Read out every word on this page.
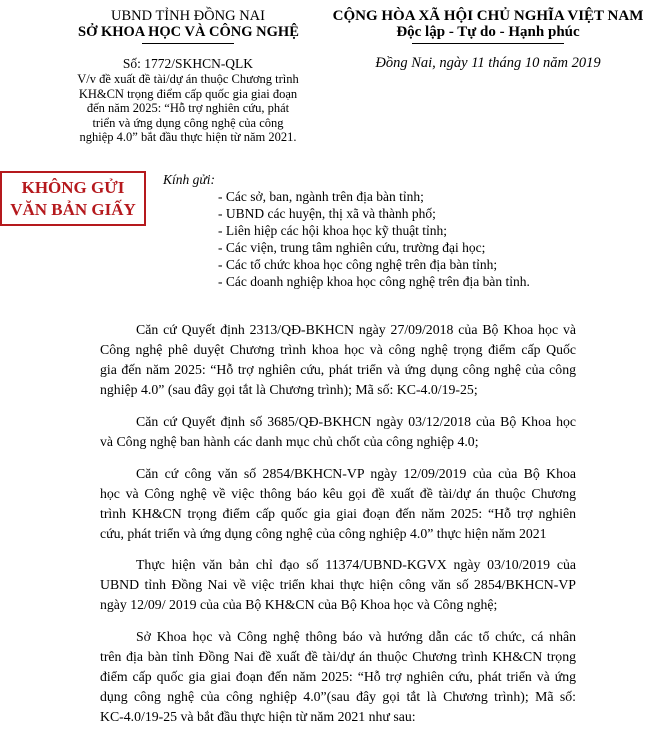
UBND TỈNH ĐỒNG NAI
SỞ KHOA HỌC VÀ CÔNG NGHỆ
CỘNG HÒA XÃ HỘI CHỦ NGHĨA VIỆT NAM
Độc lập - Tự do - Hạnh phúc
Đồng Nai, ngày 11 tháng 10 năm 2019
Số: 1772/SKHCN-QLK
V/v đề xuất đề tài/dự án thuộc Chương trình
KH&CN trọng điểm cấp quốc gia giai đoạn
đến năm 2025: “Hỗ trợ nghiên cứu, phát
triển và ứng dụng công nghệ của công
nghiệp 4.0” bắt đầu thực hiện từ năm 2021.
KHÔNG GỬI
VĂN BẢN GIẤY
Kính gửi:
- Các sở, ban, ngành trên địa bàn tỉnh;
- UBND các huyện, thị xã và thành phố;
- Liên hiệp các hội khoa học kỹ thuật tỉnh;
- Các viện, trung tâm nghiên cứu, trường đại học;
- Các tổ chức khoa học công nghệ trên địa bàn tỉnh;
- Các doanh nghiệp khoa học công nghệ trên địa bàn tỉnh.
Căn cứ Quyết định 2313/QĐ-BKHCN ngày 27/09/2018 của Bộ Khoa học và
Công nghệ phê duyệt Chương trình khoa học và công nghệ trọng điểm cấp Quốc
gia đến năm 2025: “Hỗ trợ nghiên cứu, phát triển và ứng dụng công nghệ của công
nghiệp 4.0” (sau đây gọi tắt là Chương trình); Mã số: KC-4.0/19-25;
Căn cứ Quyết định số 3685/QĐ-BKHCN ngày 03/12/2018 của Bộ Khoa học
và Công nghệ ban hành các danh mục chủ chốt của công nghiệp 4.0;
Căn cứ công văn số 2854/BKHCN-VP ngày 12/09/2019 của của Bộ Khoa
học và Công nghệ về việc thông báo kêu gọi đề xuất đề tài/dự án thuộc Chương
trình KH&CN trọng điểm cấp quốc gia giai đoạn đến năm 2025: “Hỗ trợ nghiên
cứu, phát triển và ứng dụng công nghệ của công nghiệp 4.0” thực hiện năm 2021
Thực hiện văn bản chỉ đạo số 11374/UBND-KGVX ngày 03/10/2019 của
UBND tỉnh Đồng Nai về việc triển khai thực hiện công văn số 2854/BKHCN-VP
ngày 12/09/ 2019 của của Bộ KH&CN của Bộ Khoa học và Công nghệ;
Sở Khoa học và Công nghệ thông báo và hướng dẫn các tổ chức, cá nhân
trên địa bàn tỉnh Đồng Nai đề xuất đề tài/dự án thuộc Chương trình KH&CN trọng
điểm cấp quốc gia giai đoạn đến năm 2025: “Hỗ trợ nghiên cứu, phát triển và ứng
dụng công nghệ của công nghiệp 4.0”(sau đây gọi tắt là Chương trình); Mã số:
KC-4.0/19-25 và bắt đầu thực hiện từ năm 2021 như sau:
